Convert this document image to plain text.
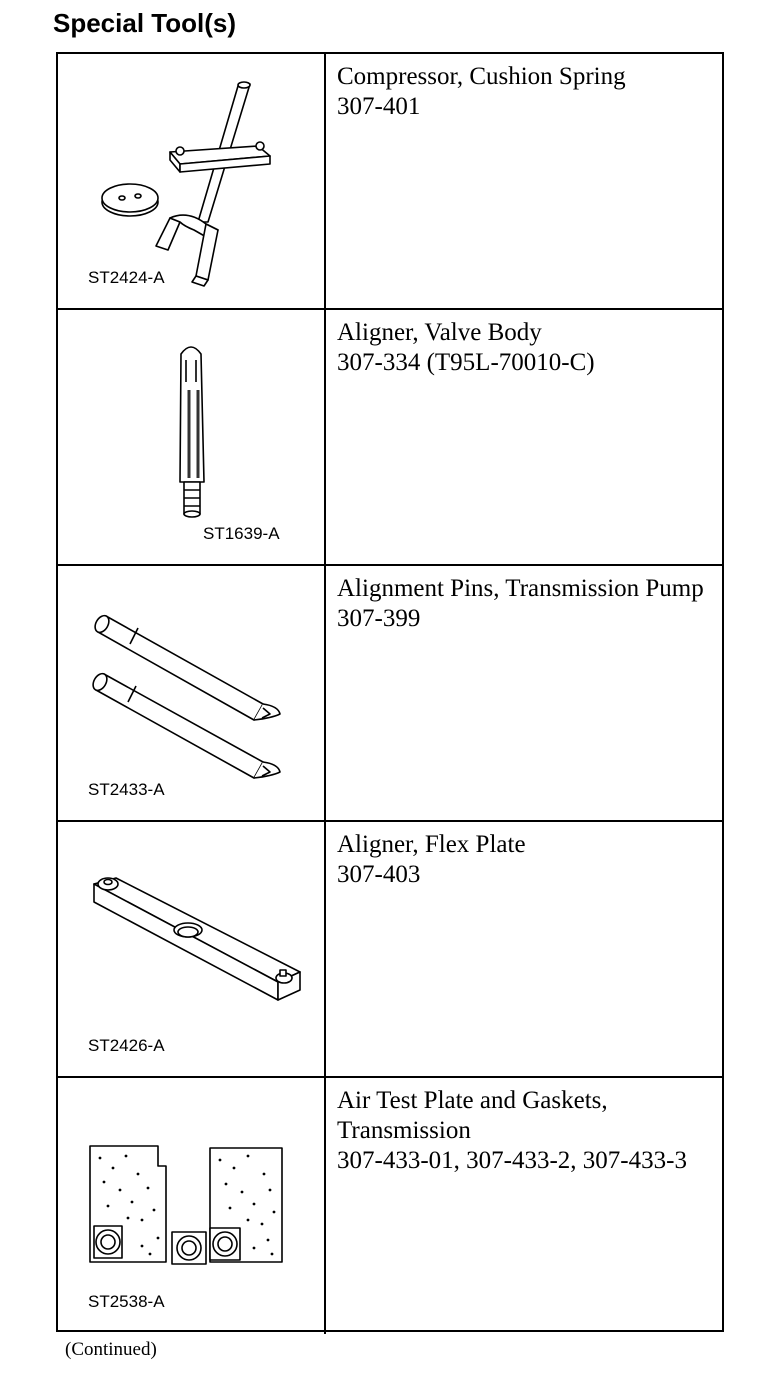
Special Tool(s)
ST2424-A
Compressor, Cushion Spring
307-401
ST1639-A
Aligner, Valve Body
307-334 (T95L-70010-C)
ST2433-A
Alignment Pins, Transmission Pump
307-399
ST2426-A
Aligner, Flex Plate
307-403
ST2538-A
Air Test Plate and Gaskets, Transmission
307-433-01, 307-433-2, 307-433-3
(Continued)
